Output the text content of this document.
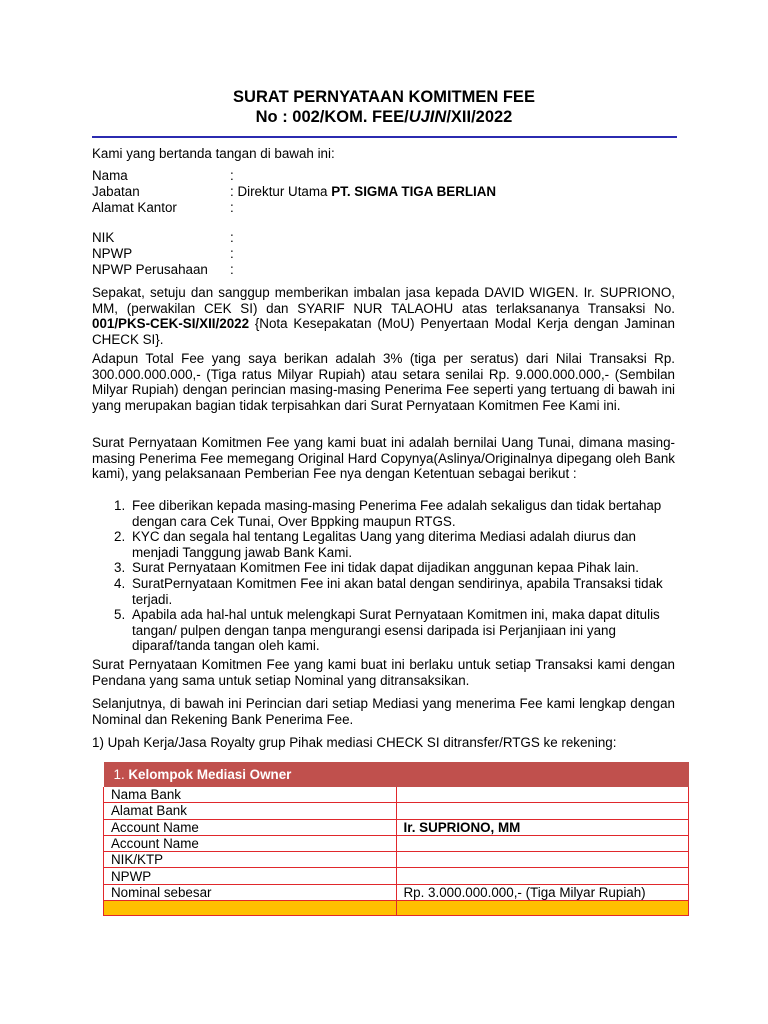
SURAT PERNYATAAN KOMITMEN FEE
No : 002/KOM. FEE/UJIN/XII/2022
Kami yang bertanda tangan di bawah ini:
Nama	:
Jabatan	: Direktur Utama PT. SIGMA TIGA BERLIAN
Alamat Kantor	:
NIK	:
NPWP	:
NPWP Perusahaan :
Sepakat, setuju dan sanggup memberikan imbalan jasa kepada DAVID WIGEN. Ir. SUPRIONO, MM, (perwakilan CEK SI) dan SYARIF NUR TALAOHU atas terlaksananya Transaksi No. 001/PKS-CEK-SI/XII/2022 {Nota Kesepakatan (MoU) Penyertaan Modal Kerja dengan Jaminan CHECK SI}.
Adapun Total Fee yang saya berikan adalah 3% (tiga per seratus) dari Nilai Transaksi Rp. 300.000.000.000,- (Tiga ratus Milyar Rupiah) atau setara senilai Rp. 9.000.000.000,- (Sembilan Milyar Rupiah) dengan perincian masing-masing Penerima Fee seperti yang tertuang di bawah ini yang merupakan bagian tidak terpisahkan dari Surat Pernyataan Komitmen Fee Kami ini.
Surat Pernyataan Komitmen Fee yang kami buat ini adalah bernilai Uang Tunai, dimana masing-masing Penerima Fee memegang Original Hard Copynya(Aslinya/Originalnya dipegang oleh Bank kami), yang pelaksanaan Pemberian Fee nya dengan Ketentuan sebagai berikut :
1. Fee diberikan kepada masing-masing Penerima Fee adalah sekaligus dan tidak bertahap dengan cara Cek Tunai, Over Bppking maupun RTGS.
2. KYC dan segala hal tentang Legalitas Uang yang diterima Mediasi adalah diurus dan menjadi Tanggung jawab Bank Kami.
3. Surat Pernyataan Komitmen Fee ini tidak dapat dijadikan anggunan kepaa Pihak lain.
4. SuratPernyataan Komitmen Fee ini akan batal dengan sendirinya, apabila Transaksi tidak terjadi.
5. Apabila ada hal-hal untuk melengkapi Surat Pernyataan Komitmen ini, maka dapat ditulis tangan/ pulpen dengan tanpa mengurangi esensi daripada isi Perjanjiaan ini yang diparaf/tanda tangan oleh kami.
Surat Pernyataan Komitmen Fee yang kami buat ini berlaku untuk setiap Transaksi kami dengan Pendana yang sama untuk setiap Nominal yang ditransaksikan.
Selanjutnya, di bawah ini Perincian dari setiap Mediasi yang menerima Fee kami lengkap dengan Nominal dan Rekening Bank Penerima Fee.
1) Upah Kerja/Jasa Royalty grup Pihak mediasi CHECK SI ditransfer/RTGS ke rekening:
1. Kelompok Mediasi Owner	
Nama Bank	
Alamat Bank	
Account Name	Ir. SUPRIONO, MM
Account Name	
NIK/KTP	
NPWP	
Nominal sebesar	Rp. 3.000.000.000,- (Tiga Milyar Rupiah)
